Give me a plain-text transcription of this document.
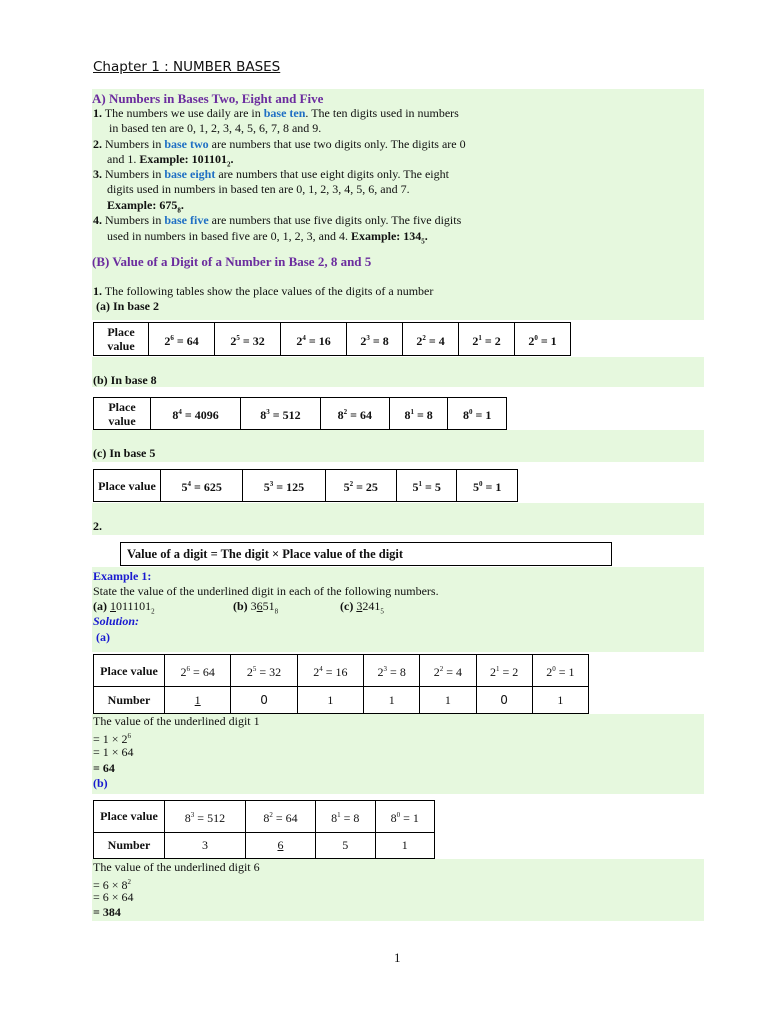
Chapter 1 : NUMBER BASES
A) Numbers in Bases Two, Eight and Five
1. The numbers we use daily are in base ten. The ten digits used in numbers
in based ten are 0, 1, 2, 3, 4, 5, 6, 7, 8 and 9.
2. Numbers in base two are numbers that use two digits only. The digits are 0
and 1. Example: $101101_2$.
3. Numbers in base eight are numbers that use eight digits only. The eight
digits used in numbers in based ten are 0, 1, 2, 3, 4, 5, 6, and 7.
Example: $675_8$.
4. Numbers in base five are numbers that use five digits only. The five digits
used in numbers in based five are 0, 1, 2, 3, and 4. Example: $134_5$.
(B) Value of a Digit of a Number in Base 2, 8 and 5
1. The following tables show the place values of the digits of a number
(a) In base 2
Place value	$2^6 = 64$	$2^5 = 32$	$2^4 = 16$	$2^3 = 8$	$2^2 = 4$	$2^1 = 2$	$2^0 = 1$
(b) In base 8
Place value	$8^4 = 4096$	$8^3 = 512$	$8^2 = 64$	$8^1 = 8$	$8^0 = 1$
(c) In base 5
Place value	$5^4 = 625$	$5^3 = 125$	$5^2 = 25$	$5^1 = 5$	$5^0 = 1$
2.
Value of a digit = The digit × Place value of the digit
Example 1:
State the value of the underlined digit in each of the following numbers.
(a) $1011101_2$	(b) $3651_8$	(c) $3241_5$
Solution:
(a)
Place value	$2^6 = 64$	$2^5 = 32$	$2^4 = 16$	$2^3 = 8$	$2^2 = 4$	$2^1 = 2$	$2^0 = 1$
Number	1	0	1	1	1	0	1
The value of the underlined digit 1
= $1 \times 2^6$
= 1 × 64
= 64
(b)
Place value	$8^3 = 512$	$8^2 = 64$	$8^1 = 8$	$8^0 = 1$
Number	3	6	5	1
The value of the underlined digit 6
= $6 \times 8^2$
= 6 × 64
= 384
1
